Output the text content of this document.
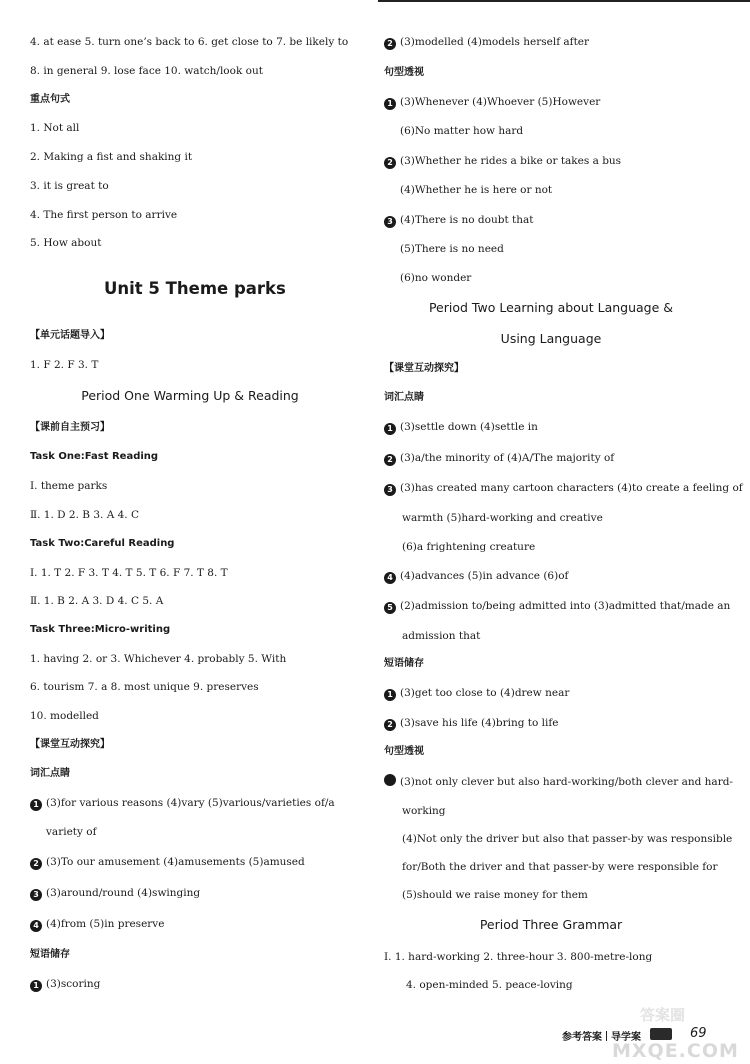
4. at ease 5. turn one’s back to 6. get close to 7. be likely to
8. in general 9. lose face 10. watch/look out
重点句式
1. Not all
2. Making a fist and shaking it
3. it is great to
4. The first person to arrive
5. How about
Unit 5 Theme parks
【单元话题导入】
1. F 2. F 3. T
Period One Warming Up & Reading
【课前自主预习】
Task One:Fast Reading
Ⅰ. theme parks
Ⅱ. 1. D 2. B 3. A 4. C
Task Two:Careful Reading
Ⅰ. 1. T 2. F 3. T 4. T 5. T 6. F 7. T 8. T
Ⅱ. 1. B 2. A 3. D 4. C 5. A
Task Three:Micro-writing
1. having 2. or 3. Whichever 4. probably 5. With
6. tourism 7. a 8. most unique 9. preserves
10. modelled
【课堂互动探究】
词汇点睛
1 (3)for various reasons (4)vary (5)various/varieties of/a
variety of
2 (3)To our amusement (4)amusements (5)amused
3 (3)around/round (4)swinging
4 (4)from (5)in preserve
短语储存
1 (3)scoring
2 (3)modelled (4)models herself after
句型透视
1 (3)Whenever (4)Whoever (5)However
(6)No matter how hard
2 (3)Whether he rides a bike or takes a bus
(4)Whether he is here or not
3 (4)There is no doubt that
(5)There is no need
(6)no wonder
Period Two Learning about Language &
Using Language
【课堂互动探究】
词汇点睛
1 (3)settle down (4)settle in
2 (3)a/the minority of (4)A/The majority of
3 (3)has created many cartoon characters (4)to create a feeling of
warmth (5)hard-working and creative
(6)a frightening creature
4 (4)advances (5)in advance (6)of
5 (2)admission to/being admitted into (3)admitted that/made an
admission that
短语储存
1 (3)get too close to (4)drew near
2 (3)save his life (4)bring to life
句型透视
(3)not only clever but also hard-working/both clever and hard-
working
(4)Not only the driver but also that passer-by was responsible
for/Both the driver and that passer-by were responsible for
(5)should we raise money for them
Period Three Grammar
Ⅰ. 1. hard-working 2. three-hour 3. 800-metre-long
4. open-minded 5. peace-loving
答案圈
参考答案 导学案	69
MXQE.COM
